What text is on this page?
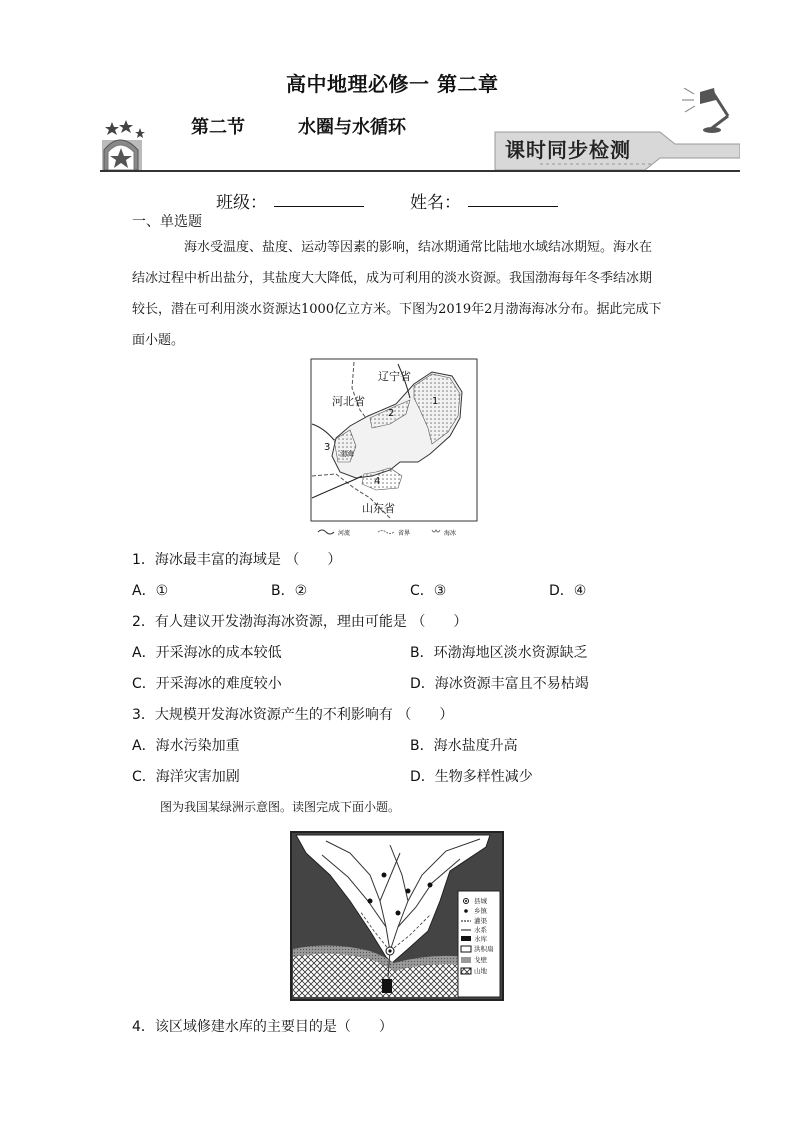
高中地理必修一 第二章
第二节	水圈与水循环
课时同步检测
班级：	姓名：
一、单选题
海水受温度、盐度、运动等因素的影响，结冰期通常比陆地水域结冰期短。海水在结冰过程中析出盐分，其盐度大大降低，成为可利用的淡水资源。我国渤海每年冬季结冰期较长，潜在可利用淡水资源达1000亿立方米。下图为2019年2月渤海海冰分布。据此完成下面小题。
辽宁省
河北省
渤海
山东省
1
2
3
4
河流	省界	海冰
1．海冰最丰富的海域是 （　　）
A．①	B．②	C．③	D．④
2．有人建议开发渤海海冰资源，理由可能是 （　　）
A．开采海冰的成本较低	B．环渤海地区淡水资源缺乏
C．开采海冰的难度较小	D．海冰资源丰富且不易枯竭
3．大规模开发海冰资源产生的不利影响有 （　　）
A．海水污染加重	B．海水盐度升高
C．海洋灾害加剧	D．生物多样性减少
图为我国某绿洲示意图。读图完成下面小题。
县城
乡镇
灌渠
水系
水库
洪积扇
戈壁
山地
4．该区域修建水库的主要目的是（　　）
